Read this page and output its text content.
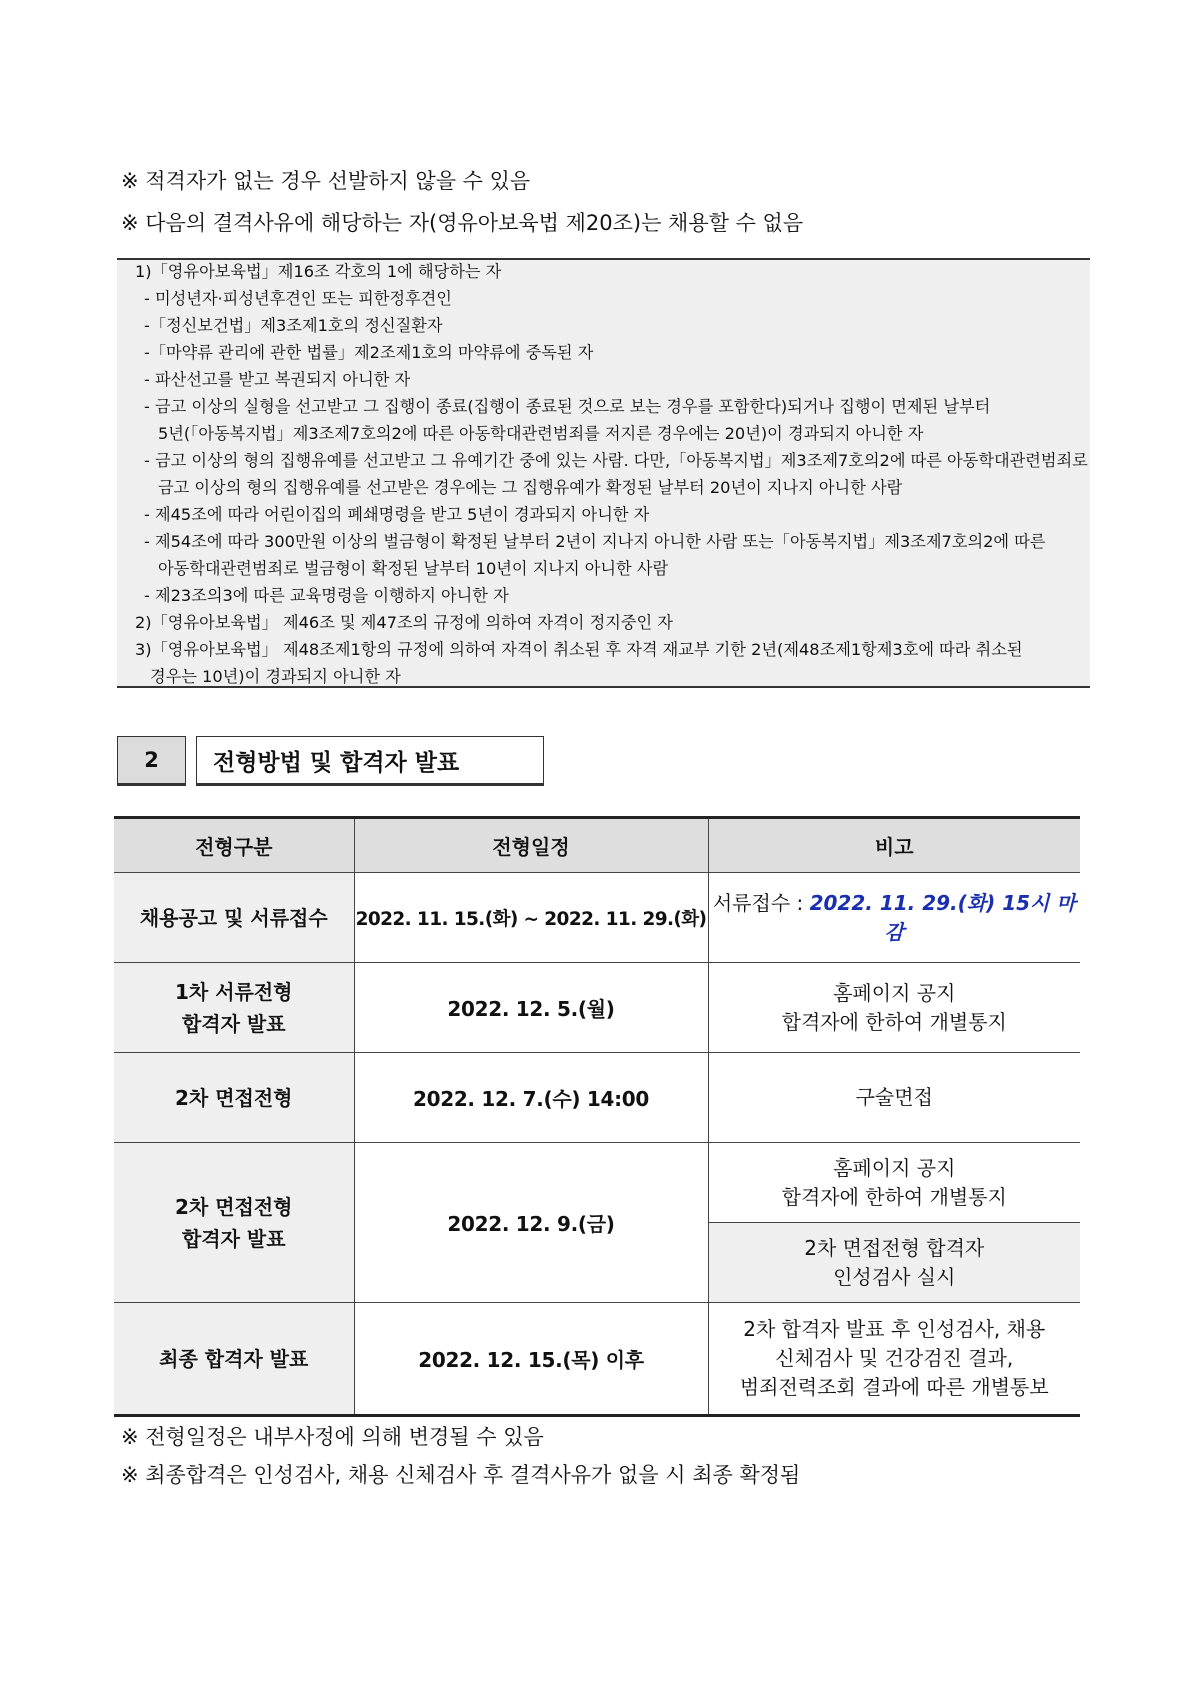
※ 적격자가 없는 경우 선발하지 않을 수 있음
※ 다음의 결격사유에 해당하는 자(영유아보육법 제20조)는 채용할 수 없음
1)「영유아보육법」제16조 각호의 1에 해당하는 자
- 미성년자·피성년후견인 또는 피한정후견인
-「정신보건법」제3조제1호의 정신질환자
-「마약류 관리에 관한 법률」제2조제1호의 마약류에 중독된 자
- 파산선고를 받고 복권되지 아니한 자
- 금고 이상의 실형을 선고받고 그 집행이 종료(집행이 종료된 것으로 보는 경우를 포함한다)되거나 집행이 면제된 날부터
5년(「아동복지법」제3조제7호의2에 따른 아동학대관련범죄를 저지른 경우에는 20년)이 경과되지 아니한 자
- 금고 이상의 형의 집행유예를 선고받고 그 유예기간 중에 있는 사람. 다만,「아동복지법」제3조제7호의2에 따른 아동학대관련범죄로
금고 이상의 형의 집행유예를 선고받은 경우에는 그 집행유예가 확정된 날부터 20년이 지나지 아니한 사람
- 제45조에 따라 어린이집의 폐쇄명령을 받고 5년이 경과되지 아니한 자
- 제54조에 따라 300만원 이상의 벌금형이 확정된 날부터 2년이 지나지 아니한 사람 또는「아동복지법」제3조제7호의2에 따른
아동학대관련범죄로 벌금형이 확정된 날부터 10년이 지나지 아니한 사람
- 제23조의3에 따른 교육명령을 이행하지 아니한 자
2)「영유아보육법」 제46조 및 제47조의 규정에 의하여 자격이 정지중인 자
3)「영유아보육법」 제48조제1항의 규정에 의하여 자격이 취소된 후 자격 재교부 기한 2년(제48조제1항제3호에 따라 취소된
경우는 10년)이 경과되지 아니한 자
2	전형방법 및 합격자 발표
전형구분	전형일정	비고

채용공고 및 서류접수	2022. 11. 15.(화) ~ 2022. 11. 29.(화)	서류접수 : 2022. 11. 29.(화) 15시 마감

1차 서류전형
합격자 발표	2022. 12. 5.(월)	홈페이지 공지
합격자에 한하여 개별통지

2차 면접전형	2022. 12. 7.(수) 14:00	구술면접

2차 면접전형
합격자 발표	2022. 12. 9.(금)	홈페이지 공지
합격자에 한하여 개별통지

		2차 면접전형 합격자
인성검사 실시

최종 합격자 발표	2022. 12. 15.(목) 이후	2차 합격자 발표 후 인성검사, 채용
신체검사 및 건강검진 결과,
범죄전력조회 결과에 따른 개별통보
※ 전형일정은 내부사정에 의해 변경될 수 있음
※ 최종합격은 인성검사, 채용 신체검사 후 결격사유가 없을 시 최종 확정됨
